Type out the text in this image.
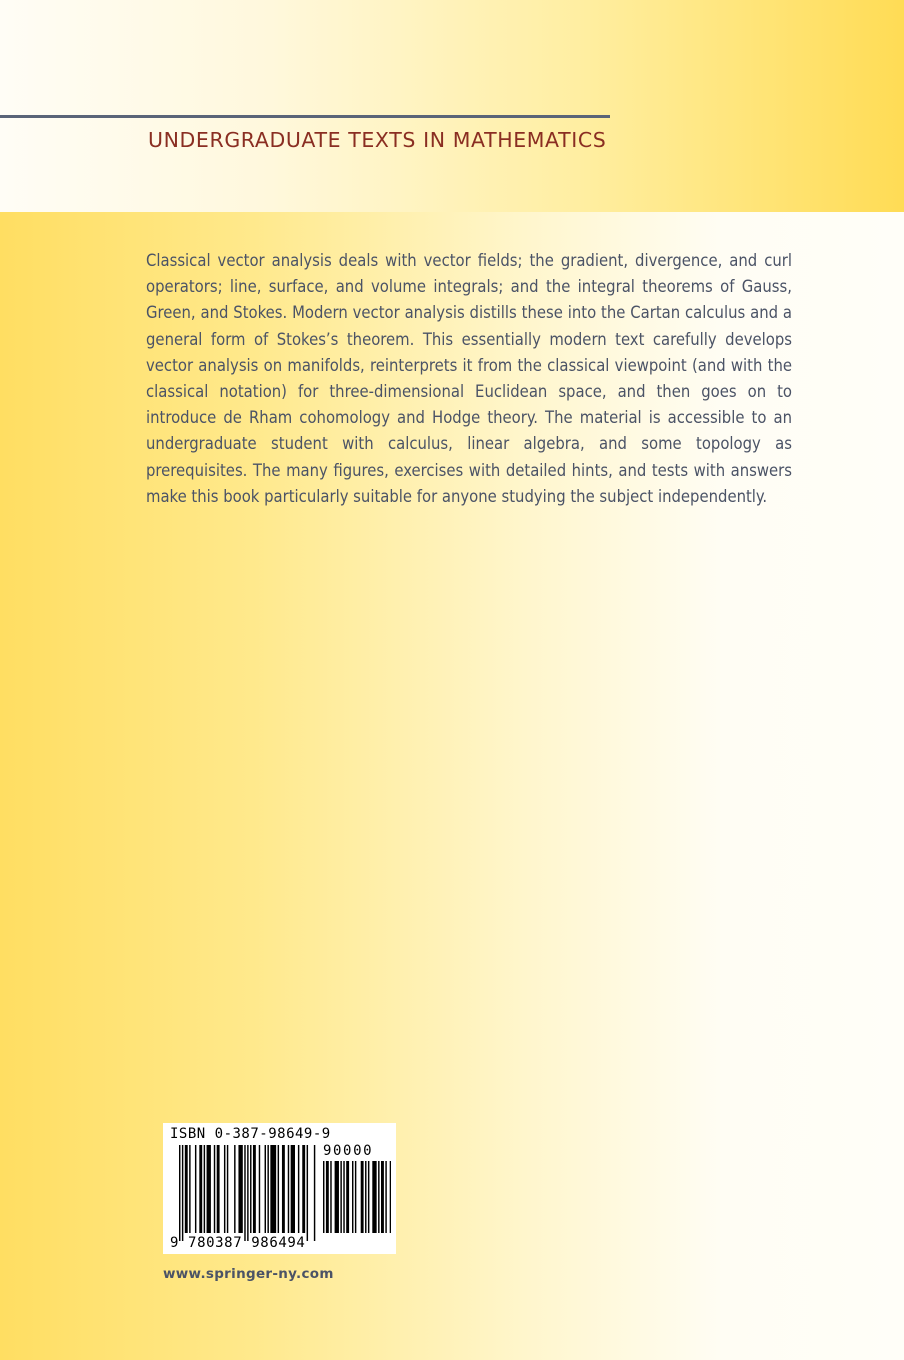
UNDERGRADUATE TEXTS IN MATHEMATICS

Classical vector analysis deals with vector fields; the gradient, divergence, and curl operators; line, surface, and volume integrals; and the integral theorems of Gauss, Green, and Stokes. Modern vector analysis distills these into the Cartan calculus and a general form of Stokes’s theorem. This essentially modern text carefully develops vector analysis on manifolds, reinterprets it from the classical viewpoint (and with the classical notation) for three-dimensional Euclidean space, and then goes on to introduce de Rham cohomology and Hodge theory. The material is accessible to an undergraduate student with calculus, linear algebra, and some topology as prerequisites. The many figures, exercises with detailed hints, and tests with answers make this book particularly suitable for anyone studying the subject independently.

ISBN 0-387-98649-9
90000
9 780387 986494
www.springer-ny.com
